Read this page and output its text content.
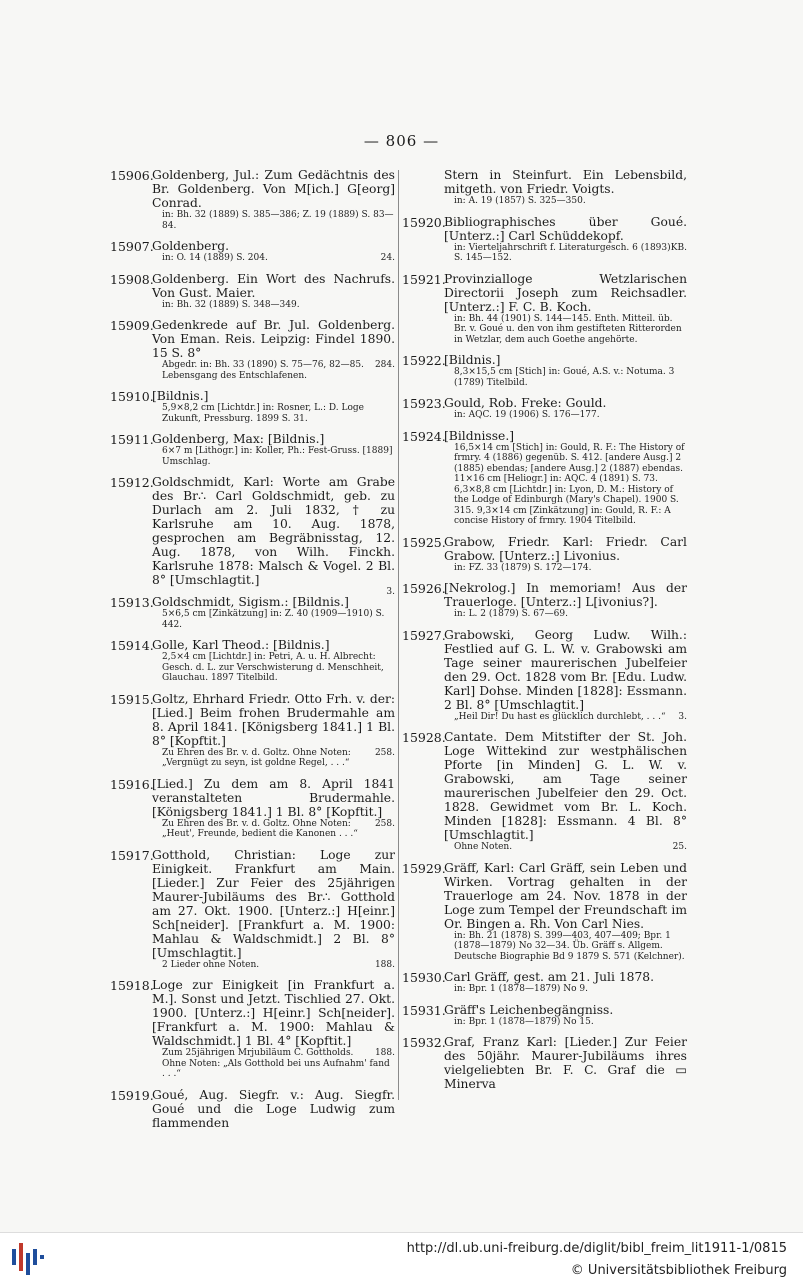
— 806 —
15906.
Goldenberg, Jul.: Zum Gedächtnis des Br. Goldenberg. Von M[ich.] G[eorg] Conrad.
in: Bh. 32 (1889) S. 385—386; Z. 19 (1889) S. 83—84.
15907.
Goldenberg.
24.
in: O. 14 (1889) S. 204.
15908.
Goldenberg. Ein Wort des Nachrufs. Von Gust. Maier.
in: Bh. 32 (1889) S. 348—349.
15909.
Gedenkrede auf Br. Jul. Goldenberg. Von Eman. Reis. Leipzig: Findel 1890. 15 S. 8°
284.
Abgedr. in: Bh. 33 (1890) S. 75—76, 82—85. Lebensgang des Entschlafenen.
15910.
[Bildnis.]
5,9×8,2 cm [Lichtdr.] in: Rosner, L.: D. Loge Zukunft, Pressburg. 1899 S. 31.
15911.
Goldenberg, Max: [Bildnis.]
6×7 m [Lithogr.] in: Koller, Ph.: Fest-Gruss. [1889] Umschlag.
15912.
Goldschmidt, Karl: Worte am Grabe des Br∴ Carl Goldschmidt, geb. zu Durlach am 2. Juli 1832, † zu Karlsruhe am 10. Aug. 1878, gesprochen am Begräbnisstag, 12. Aug. 1878, von Wilh. Finckh. Karlsruhe 1878: Malsch & Vogel. 2 Bl. 8° [Umschlagtit.]
3.
15913.
Goldschmidt, Sigism.: [Bildnis.]
5×6,5 cm [Zinkätzung] in: Z. 40 (1909—1910) S. 442.
15914.
Golle, Karl Theod.: [Bildnis.]
2,5×4 cm [Lichtdr.] in: Petri, A. u. H. Albrecht: Gesch. d. L. zur Verschwisterung d. Menschheit, Glauchau. 1897 Titelbild.
15915.
Goltz, Ehrhard Friedr. Otto Frh. v. der: [Lied.] Beim frohen Brudermahle am 8. April 1841. [Königsberg 1841.] 1 Bl. 8° [Kopftit.]
258.
Zu Ehren des Br. v. d. Goltz. Ohne Noten: „Vergnügt zu seyn, ist goldne Regel, . . .“
15916.
[Lied.] Zu dem am 8. April 1841 veranstalteten Brudermahle. [Königsberg 1841.] 1 Bl. 8° [Kopftit.]
258.
Zu Ehren des Br. v. d. Goltz. Ohne Noten: „Heut', Freunde, bedient die Kanonen . . .“
15917.
Gotthold, Christian: Loge zur Einigkeit. Frankfurt am Main. [Lieder.] Zur Feier des 25jährigen Maurer-Jubiläums des Br∴ Gotthold am 27. Okt. 1900. [Unterz.:] H[einr.] Sch[neider]. [Frankfurt a. M. 1900: Mahlau & Waldschmidt.] 2 Bl. 8° [Umschlagtit.]
188.
2 Lieder ohne Noten.
15918.
Loge zur Einigkeit [in Frankfurt a. M.]. Sonst und Jetzt. Tischlied 27. Okt. 1900. [Unterz.:] H[einr.] Sch[neider]. [Frankfurt a. M. 1900: Mahlau & Waldschmidt.] 1 Bl. 4° [Kopftit.]
188.
Zum 25jährigen Mrjubiläum C. Gottholds. Ohne Noten: „Als Gotthold bei uns Aufnahm' fand . . .“
15919.
Goué, Aug. Siegfr. v.: Aug. Siegfr. Goué und die Loge Ludwig zum flammenden
Stern in Steinfurt. Ein Lebensbild, mitgeth. von Friedr. Voigts.
in: A. 19 (1857) S. 325—350.
15920.
Bibliographisches über Goué. [Unterz.:] Carl Schüddekopf.
KB.
in: Vierteljahrschrift f. Literaturgesch. 6 (1893) S. 145—152.
15921.
Provinzialloge Wetzlarischen Directorii Joseph zum Reichsadler. [Unterz.:] F. C. B. Koch.
in: Bh. 44 (1901) S. 144—145. Enth. Mitteil. üb. Br. v. Goué u. den von ihm gestifteten Ritterorden in Wetzlar, dem auch Goethe angehörte.
15922.
[Bildnis.]
8,3×15,5 cm [Stich] in: Goué, A.S. v.: Notuma. 3 (1789) Titelbild.
15923.
Gould, Rob. Freke: Gould.
in: AQC. 19 (1906) S. 176—177.
15924.
[Bildnisse.]
16,5×14 cm [Stich] in: Gould, R. F.: The History of frmry. 4 (1886) gegenüb. S. 412. [andere Ausg.] 2 (1885) ebendas; [andere Ausg.] 2 (1887) ebendas. 11×16 cm [Heliogr.] in: AQC. 4 (1891) S. 73. 6,3×8,8 cm [Lichtdr.] in: Lyon, D. M.: History of the Lodge of Edinburgh (Mary's Chapel). 1900 S. 315. 9,3×14 cm [Zinkätzung] in: Gould, R. F.: A concise History of frmry. 1904 Titelbild.
15925.
Grabow, Friedr. Karl: Friedr. Carl Grabow. [Unterz.:] Livonius.
in: FZ. 33 (1879) S. 172—174.
15926.
[Nekrolog.] In memoriam! Aus der Trauerloge. [Unterz.:] L[ivonius?].
in: L. 2 (1879) S. 67—69.
15927.
Grabowski, Georg Ludw. Wilh.: Festlied auf G. L. W. v. Grabowski am Tage seiner maurerischen Jubelfeier den 29. Oct. 1828 vom Br. [Edu. Ludw. Karl] Dohse. Minden [1828]: Essmann. 2 Bl. 8° [Umschlagtit.]
3.
„Heil Dir! Du hast es glücklich durchlebt, . . .“
15928.
Cantate. Dem Mitstifter der St. Joh. Loge Wittekind zur westphälischen Pforte [in Minden] G. L. W. v. Grabowski, am Tage seiner maurerischen Jubelfeier den 29. Oct. 1828. Gewidmet vom Br. L. Koch. Minden [1828]: Essmann. 4 Bl. 8° [Umschlagtit.]
25.
Ohne Noten.
15929.
Gräff, Karl: Carl Gräff, sein Leben und Wirken. Vortrag gehalten in der Trauerloge am 24. Nov. 1878 in der Loge zum Tempel der Freundschaft im Or. Bingen a. Rh. Von Carl Nies.
in: Bh. 21 (1878) S. 399—403, 407—409; Bpr. 1 (1878—1879) No 32—34. Üb. Gräff s. Allgem. Deutsche Biographie Bd 9 1879 S. 571 (Kelchner).
15930.
Carl Gräff, gest. am 21. Juli 1878.
in: Bpr. 1 (1878—1879) No 9.
15931.
Gräff's Leichenbegängniss.
in: Bpr. 1 (1878—1879) No 15.
15932.
Graf, Franz Karl: [Lieder.] Zur Feier des 50jähr. Maurer-Jubiläums ihres vielgeliebten Br. F. C. Graf die ▭ Minerva
http://dl.ub.uni-freiburg.de/diglit/bibl_freim_lit1911-1/0815
© Universitätsbibliothek Freiburg
